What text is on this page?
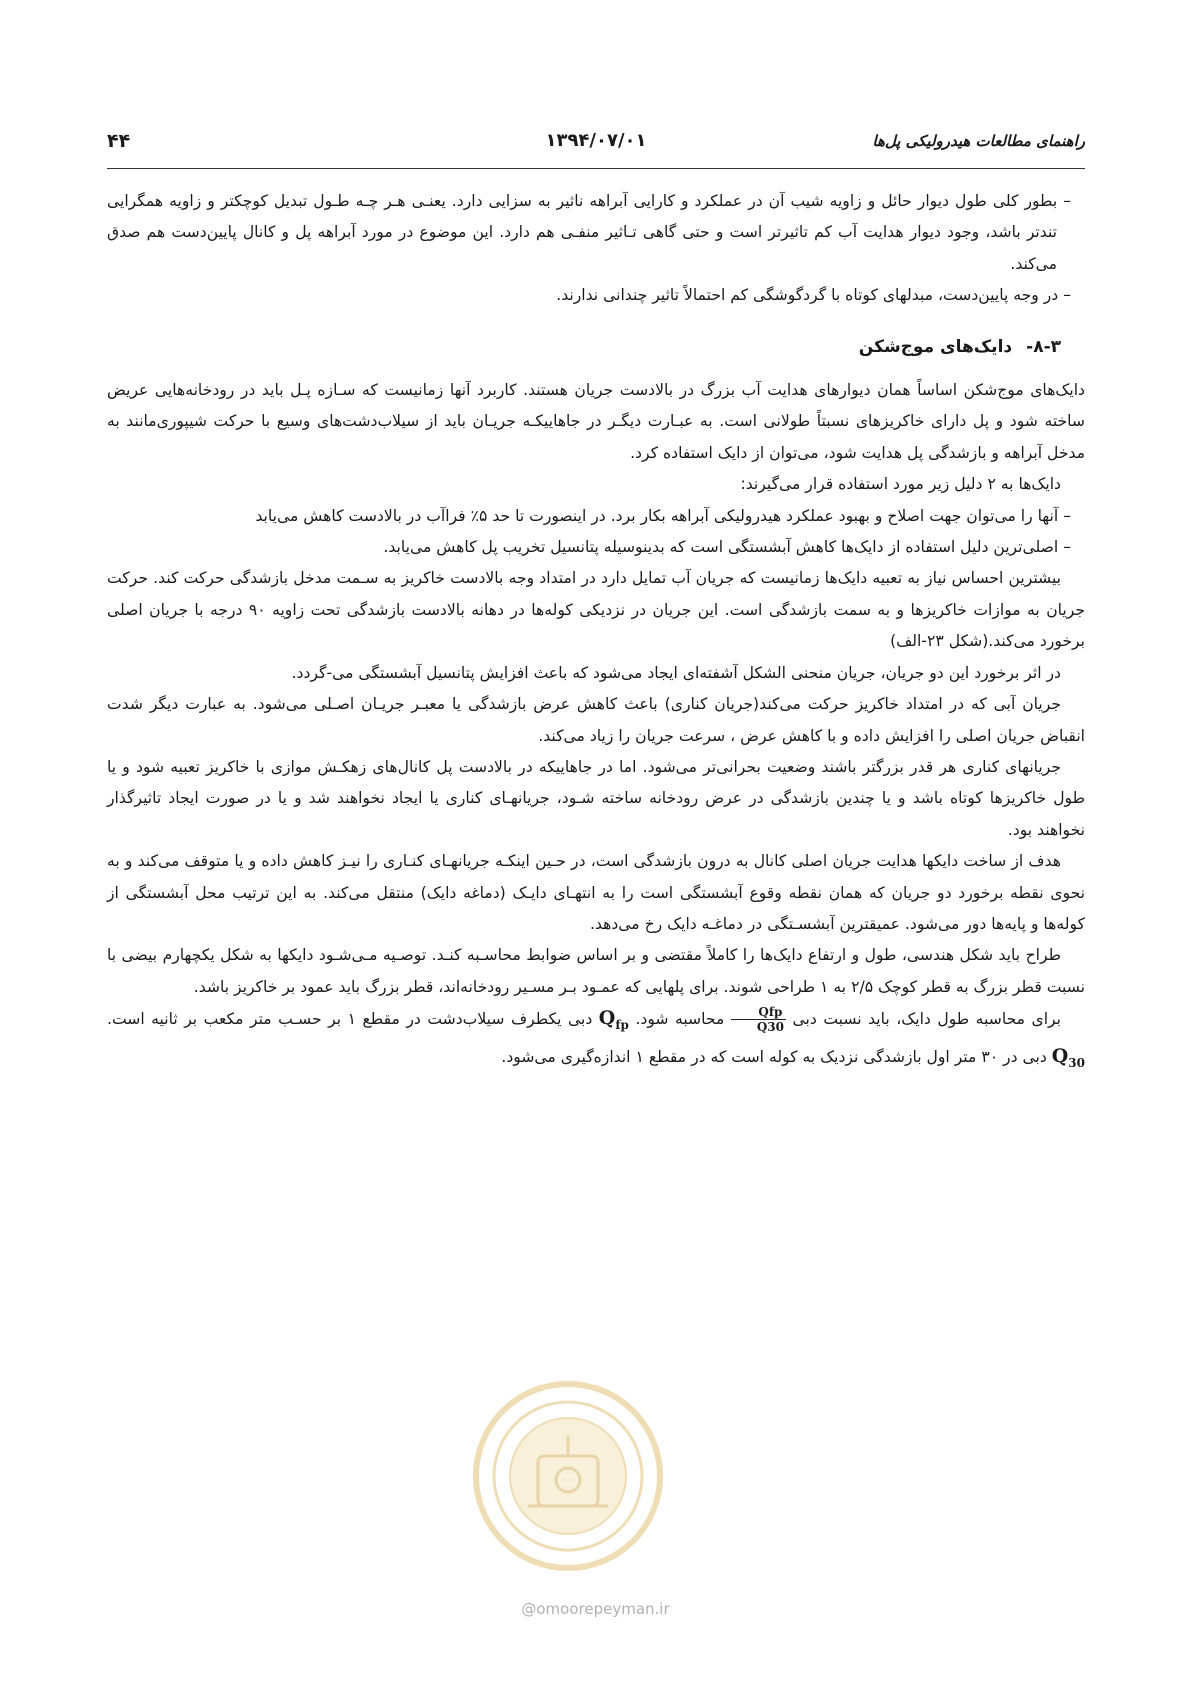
۴۴	۱۳۹۴/۰۷/۰۱	راهنمای مطالعات هیدرولیکی پل‌ها

– بطور کلی طول دیوار حائل و زاویه شیب آن در عملکرد و کارایی آبراهه ناثیر به سزایی دارد. یعنـی هـر چـه طـول تبدیل کوچکتر و زاویه همگرایی تندتر باشد، وجود دیوار هدایت آب کم تاثیرتر است و حتی گاهی تـاثیر منفـی هم دارد. این موضوع در مورد آبراهه پل و کانال پایین‌دست هم صدق می‌کند.

– در وجه پایین‌دست، مبدلهای کوتاه با گردگوشگی کم احتمالاً تاثیر چندانی ندارند.

۸-۳-دایک‌های موج‌شکن

دایک‌های موج‌شکن اساساً همان دیوارهای هدایت آب بزرگ در بالادست جریان هستند. کاربرد آنها زمانیست که سـازه پـل باید در رودخانه‌هایی عریض ساخته شود و پل دارای خاکریزهای نسبتاً طولانی است. به عبـارت دیگـر در جاهاییکـه جریـان باید از سیلاب‌دشت‌های وسیع با حرکت شیپوری‌مانند به مدخل آبراهه و بازشدگی پل هدایت شود، می‌توان از دایک استفاده کرد.

دایک‌ها به ۲ دلیل زیر مورد استفاده قرار می‌گیرند:

– آنها را می‌توان جهت اصلاح و بهبود عملکرد هیدرولیکی آبراهه بکار برد. در اینصورت تا حد ۵٪ فراآب در بالادست کاهش می‌یابد

– اصلی‌ترین دلیل استفاده از دایک‌ها کاهش آبشستگی است که بدینوسیله پتانسیل تخریب پل کاهش می‌یابد.

بیشترین احساس نیاز به تعبیه دایک‌ها زمانیست که جریان آب تمایل دارد در امتداد وجه بالادست خاکریز به سـمت مدخل بازشدگی حرکت کند. حرکت جریان به موازات خاکریزها و به سمت بازشدگی است. این جریان در نزدیکی کوله‌ها در دهانه بالادست بازشدگی تحت زاویه ۹۰ درجه با جریان اصلی برخورد می‌کند.(شکل ۲۳-الف)

در اثر برخورد این دو جریان، جریان منحنی الشکل آشفته‌ای ایجاد می‌شود که باعث افزایش پتانسیل آبشستگی می-گردد.

جریان آبی که در امتداد خاکریز حرکت می‌کند(جریان کناری) باعث کاهش عرض بازشدگی یا معبـر جریـان اصـلی می‌شود. به عبارت دیگر شدت انقباض جریان اصلی را افزایش داده و با کاهش عرض ، سرعت جریان را زیاد می‌کند.

جریانهای کناری هر قدر بزرگتر باشند وضعیت بحرانی‌تر می‌شود. اما در جاهاییکه در بالادست پل کانال‌های زهکـش موازی با خاکریز تعبیه شود و یا طول خاکریزها کوتاه باشد و یا چندین بازشدگی در عرض رودخانه ساخته شـود، جریانهـای کناری یا ایجاد نخواهند شد و یا در صورت ایجاد تاثیرگذار نخواهند بود.

هدف از ساخت دایکها هدایت جریان اصلی کانال به درون بازشدگی است، در حـین اینکـه جریانهـای کنـاری را نیـز کاهش داده و یا متوقف می‌کند و به نحوی نقطه برخورد دو جریان که همان نقطه وقوع آبشستگی است را به انتهـای دایـک (دماغه دایک) منتقل می‌کند. به این ترتیب محل آبشستگی از کوله‌ها و پایه‌ها دور می‌شود. عمیقترین آبشسـتگی در دماغـه دایک رخ می‌دهد.

طراح باید شکل هندسی، طول و ارتفاع دایک‌ها را کاملاً مقتضی و بر اساس ضوابط محاسـبه کنـد. توصـیه مـی‌شـود دایکها به شکل یکچهارم بیضی با نسبت قطر بزرگ به قطر کوچک ۲/۵ به ۱ طراحی شوند. برای پلهایی که عمـود بـر مسـیر رودخانه‌اند، قطر بزرگ باید عمود بر خاکریز باشد.

برای محاسبه طول دایک، باید نسبت دبی
$\frac{\text{Qfp}}{Q30}$
محاسبه شود. $Q_{fp}$ دبی یکطرف سیلاب‌دشت در مقطع ۱ بر حسـب متر مکعب بر ثانیه است. $Q_{30}$ دبی در ۳۰ متر اول بازشدگی نزدیک به کوله است که در مقطع ۱ اندازه‌گیری می‌شود.

@omoorepeyman.ir
